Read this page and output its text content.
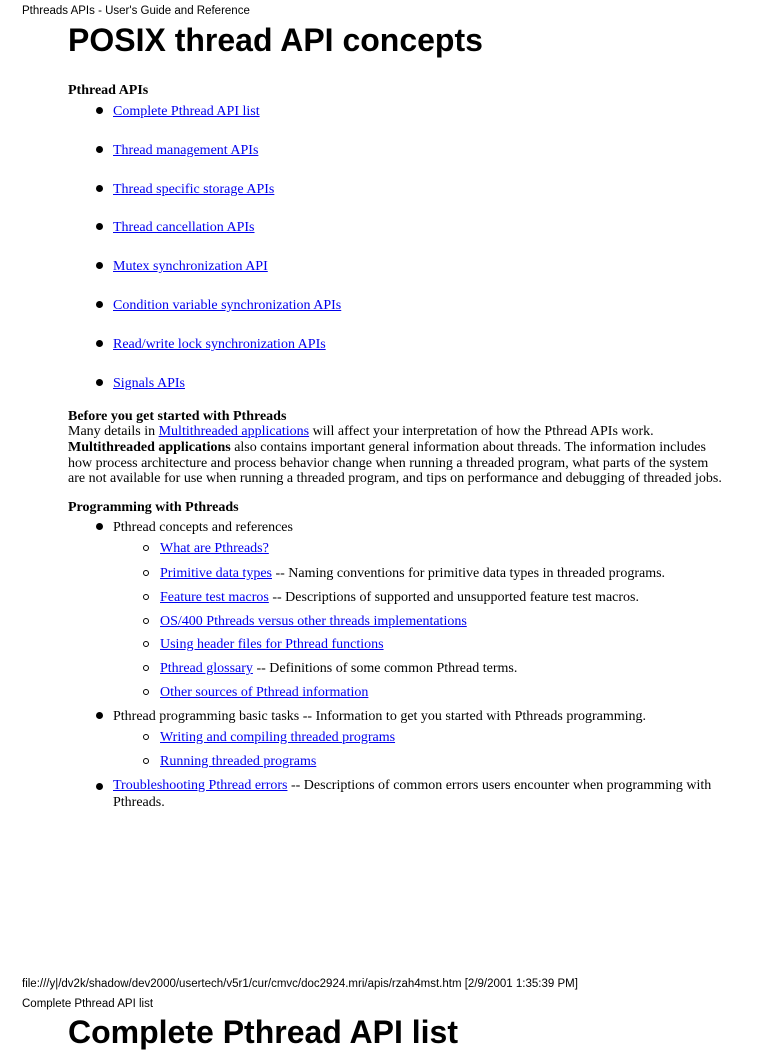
Pthreads APIs - User's Guide and Reference
POSIX thread API concepts
Pthread APIs
Complete Pthread API list
Thread management APIs
Thread specific storage APIs
Thread cancellation APIs
Mutex synchronization API
Condition variable synchronization APIs
Read/write lock synchronization APIs
Signals APIs
Before you get started with Pthreads

Many details in Multithreaded applications will affect your interpretation of how the Pthread APIs work.

Multithreaded applications also contains important general information about threads. The information includes how process architecture and process behavior change when running a threaded program, what parts of the system are not available for use when running a threaded program, and tips on performance and debugging of threaded jobs.

Programming with Pthreads
Pthread concepts and references
What are Pthreads?
Primitive data types -- Naming conventions for primitive data types in threaded programs.
Feature test macros -- Descriptions of supported and unsupported feature test macros.
OS/400 Pthreads versus other threads implementations
Using header files for Pthread functions
Pthread glossary -- Definitions of some common Pthread terms.
Other sources of Pthread information
Pthread programming basic tasks -- Information to get you started with Pthreads programming.
Writing and compiling threaded programs
Running threaded programs
Troubleshooting Pthread errors -- Descriptions of common errors users encounter when programming with Pthreads.
file:///y|/dv2k/shadow/dev2000/usertech/v5r1/cur/cmvc/doc2924.mri/apis/rzah4mst.htm [2/9/2001 1:35:39 PM]
Complete Pthread API list
Complete Pthread API list
